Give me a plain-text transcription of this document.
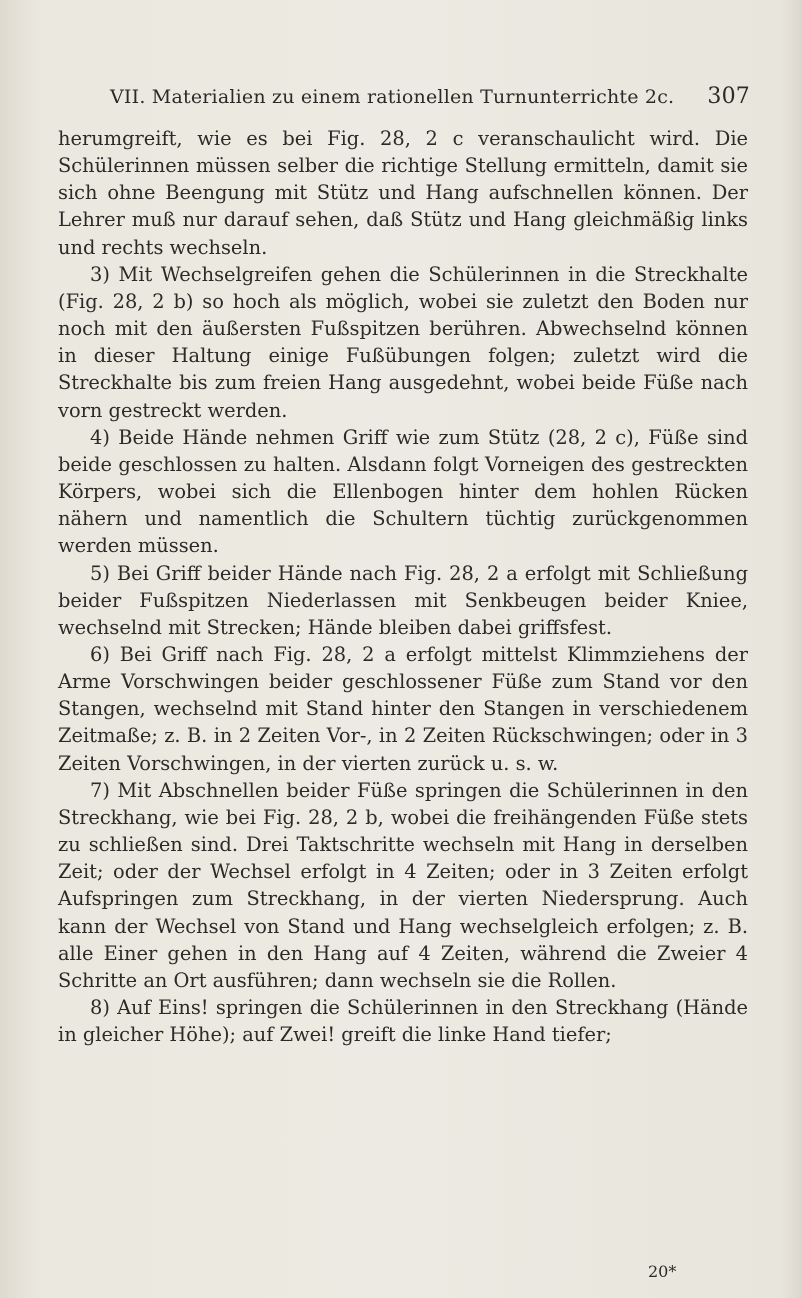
VII. Materialien zu einem rationellen Turnunterrichte 2c. 307

herumgreift, wie es bei Fig. 28, 2 c veranschaulicht wird. Die Schülerinnen müssen selber die richtige Stellung ermitteln, damit sie sich ohne Beengung mit Stütz und Hang aufschnellen können. Der Lehrer muß nur darauf sehen, daß Stütz und Hang gleichmäßig links und rechts wechseln.

3) Mit Wechselgreifen gehen die Schülerinnen in die Streckhalte (Fig. 28, 2 b) so hoch als möglich, wobei sie zuletzt den Boden nur noch mit den äußersten Fußspitzen berühren. Abwechselnd können in dieser Haltung einige Fußübungen folgen; zuletzt wird die Streckhalte bis zum freien Hang ausgedehnt, wobei beide Füße nach vorn gestreckt werden.

4) Beide Hände nehmen Griff wie zum Stütz (28, 2 c), Füße sind beide geschlossen zu halten. Alsdann folgt Vorneigen des gestreckten Körpers, wobei sich die Ellenbogen hinter dem hohlen Rücken nähern und namentlich die Schultern tüchtig zurückgenommen werden müssen.

5) Bei Griff beider Hände nach Fig. 28, 2 a erfolgt mit Schließung beider Fußspitzen Niederlassen mit Senkbeugen beider Kniee, wechselnd mit Strecken; Hände bleiben dabei griffsfest.

6) Bei Griff nach Fig. 28, 2 a erfolgt mittelst Klimmziehens der Arme Vorschwingen beider geschlossener Füße zum Stand vor den Stangen, wechselnd mit Stand hinter den Stangen in verschiedenem Zeitmaße; z. B. in 2 Zeiten Vor-, in 2 Zeiten Rückschwingen; oder in 3 Zeiten Vorschwingen, in der vierten zurück u. s. w.

7) Mit Abschnellen beider Füße springen die Schülerinnen in den Streckhang, wie bei Fig. 28, 2 b, wobei die freihängenden Füße stets zu schließen sind. Drei Taktschritte wechseln mit Hang in derselben Zeit; oder der Wechsel erfolgt in 4 Zeiten; oder in 3 Zeiten erfolgt Aufspringen zum Streckhang, in der vierten Niedersprung. Auch kann der Wechsel von Stand und Hang wechselgleich erfolgen; z. B. alle Einer gehen in den Hang auf 4 Zeiten, während die Zweier 4 Schritte an Ort ausführen; dann wechseln sie die Rollen.

8) Auf Eins! springen die Schülerinnen in den Streckhang (Hände in gleicher Höhe); auf Zwei! greift die linke Hand tiefer;

20*
